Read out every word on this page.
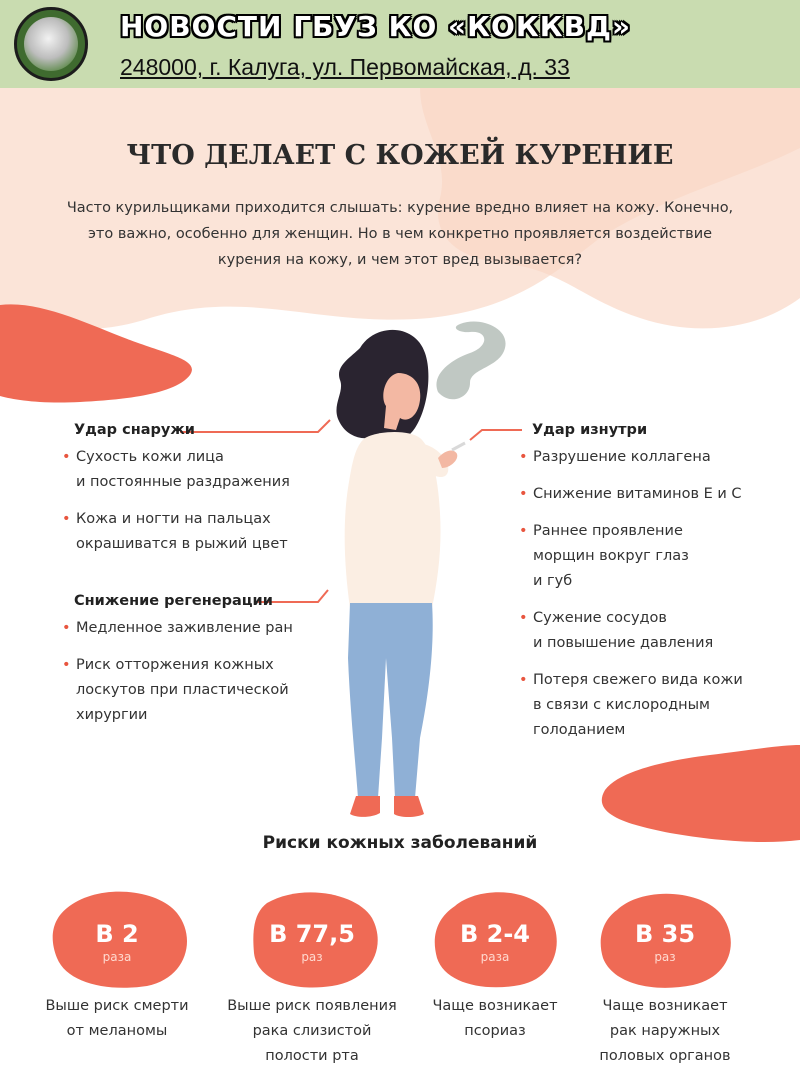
НОВОСТИ ГБУЗ КО «КОККВД»
248000, г. Калуга, ул. Первомайская, д. 33
ЧТО ДЕЛАЕТ С КОЖЕЙ КУРЕНИЕ
Часто курильщиками приходится слышать: курение вредно влияет на кожу. Конечно, это важно, особенно для женщин. Но в чем конкретно проявляется воздействие курения на кожу, и чем этот вред вызывается?
Удар снаружи
• Сухость кожи лица
и постоянные раздражения
• Кожа и ногти на пальцах
окрашиватся в рыжий цвет
Снижение регенерации
• Медленное заживление ран
• Риск отторжения кожных
лоскутов при пластической
хирургии
Удар изнутри
• Разрушение коллагена
• Снижение витаминов Е и С
• Раннее проявление
морщин вокруг глаз
и губ
• Сужение сосудов
и повышение давления
• Потеря свежего вида кожи
в связи с кислородным
голоданием
Риски кожных заболеваний
В 2
раза
Выше риск смерти
от меланомы
В 77,5
раз
Выше риск появления
рака слизистой
полости рта
В 2-4
раза
Чаще возникает
псориаз
В 35
раз
Чаще возникает
рак наружных
половых органов
